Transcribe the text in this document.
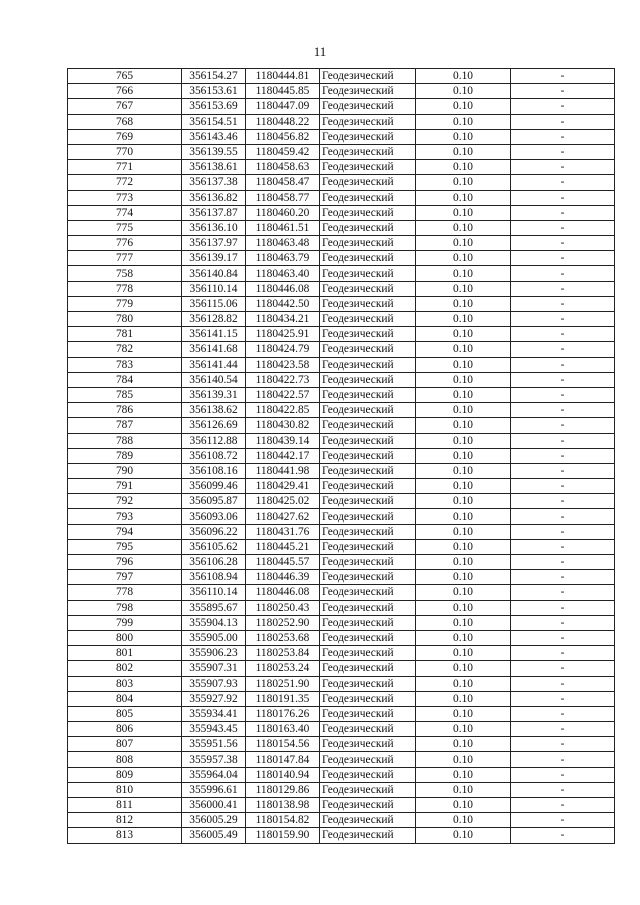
11
765	356154.27	1180444.81	Геодезический	0.10	-
766	356153.61	1180445.85	Геодезический	0.10	-
767	356153.69	1180447.09	Геодезический	0.10	-
768	356154.51	1180448.22	Геодезический	0.10	-
769	356143.46	1180456.82	Геодезический	0.10	-
770	356139.55	1180459.42	Геодезический	0.10	-
771	356138.61	1180458.63	Геодезический	0.10	-
772	356137.38	1180458.47	Геодезический	0.10	-
773	356136.82	1180458.77	Геодезический	0.10	-
774	356137.87	1180460.20	Геодезический	0.10	-
775	356136.10	1180461.51	Геодезический	0.10	-
776	356137.97	1180463.48	Геодезический	0.10	-
777	356139.17	1180463.79	Геодезический	0.10	-
758	356140.84	1180463.40	Геодезический	0.10	-
778	356110.14	1180446.08	Геодезический	0.10	-
779	356115.06	1180442.50	Геодезический	0.10	-
780	356128.82	1180434.21	Геодезический	0.10	-
781	356141.15	1180425.91	Геодезический	0.10	-
782	356141.68	1180424.79	Геодезический	0.10	-
783	356141.44	1180423.58	Геодезический	0.10	-
784	356140.54	1180422.73	Геодезический	0.10	-
785	356139.31	1180422.57	Геодезический	0.10	-
786	356138.62	1180422.85	Геодезический	0.10	-
787	356126.69	1180430.82	Геодезический	0.10	-
788	356112.88	1180439.14	Геодезический	0.10	-
789	356108.72	1180442.17	Геодезический	0.10	-
790	356108.16	1180441.98	Геодезический	0.10	-
791	356099.46	1180429.41	Геодезический	0.10	-
792	356095.87	1180425.02	Геодезический	0.10	-
793	356093.06	1180427.62	Геодезический	0.10	-
794	356096.22	1180431.76	Геодезический	0.10	-
795	356105.62	1180445.21	Геодезический	0.10	-
796	356106.28	1180445.57	Геодезический	0.10	-
797	356108.94	1180446.39	Геодезический	0.10	-
778	356110.14	1180446.08	Геодезический	0.10	-
798	355895.67	1180250.43	Геодезический	0.10	-
799	355904.13	1180252.90	Геодезический	0.10	-
800	355905.00	1180253.68	Геодезический	0.10	-
801	355906.23	1180253.84	Геодезический	0.10	-
802	355907.31	1180253.24	Геодезический	0.10	-
803	355907.93	1180251.90	Геодезический	0.10	-
804	355927.92	1180191.35	Геодезический	0.10	-
805	355934.41	1180176.26	Геодезический	0.10	-
806	355943.45	1180163.40	Геодезический	0.10	-
807	355951.56	1180154.56	Геодезический	0.10	-
808	355957.38	1180147.84	Геодезический	0.10	-
809	355964.04	1180140.94	Геодезический	0.10	-
810	355996.61	1180129.86	Геодезический	0.10	-
811	356000.41	1180138.98	Геодезический	0.10	-
812	356005.29	1180154.82	Геодезический	0.10	-
813	356005.49	1180159.90	Геодезический	0.10	-
